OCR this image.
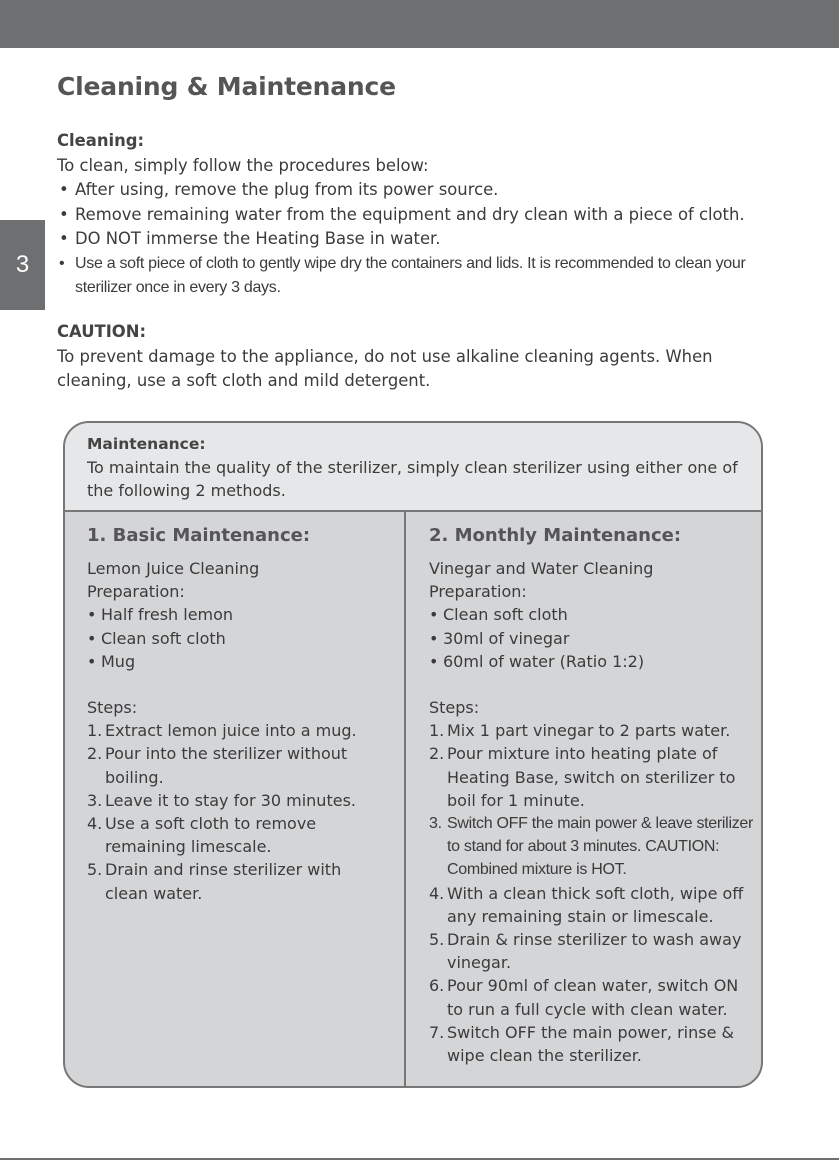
3
Cleaning & Maintenance

Cleaning:

To clean, simply follow the procedures below:

• After using, remove the plug from its power source.
• Remove remaining water from the equipment and dry clean with a piece of cloth.
• DO NOT immerse the Heating Base in water.
• Use a soft piece of cloth to gently wipe dry the containers and lids. It is recommended to clean your sterilizer once in every 3 days.

CAUTION:

To prevent damage to the appliance, do not use alkaline cleaning agents. When cleaning, use a soft cloth and mild detergent.

Maintenance:
To maintain the quality of the sterilizer, simply clean sterilizer using either one of the following 2 methods.
1. Basic Maintenance:

Lemon Juice Cleaning

Preparation:

• Half fresh lemon
• Clean soft cloth
• Mug

Steps:

1. Extract lemon juice into a mug.
2. Pour into the sterilizer without boiling.
3. Leave it to stay for 30 minutes.
4. Use a soft cloth to remove remaining limescale.
5. Drain and rinse sterilizer with clean water.
2. Monthly Maintenance:

Vinegar and Water Cleaning

Preparation:

• Clean soft cloth
• 30ml of vinegar
• 60ml of water (Ratio 1:2)

Steps:

1. Mix 1 part vinegar to 2 parts water.
2. Pour mixture into heating plate of Heating Base, switch on sterilizer to boil for 1 minute.
3. Switch OFF the main power & leave sterilizer to stand for about 3 minutes. CAUTION: Combined mixture is HOT.
4. With a clean thick soft cloth, wipe off any remaining stain or limescale.
5. Drain & rinse sterilizer to wash away vinegar.
6. Pour 90ml of clean water, switch ON to run a full cycle with clean water.
7. Switch OFF the main power, rinse & wipe clean the sterilizer.
